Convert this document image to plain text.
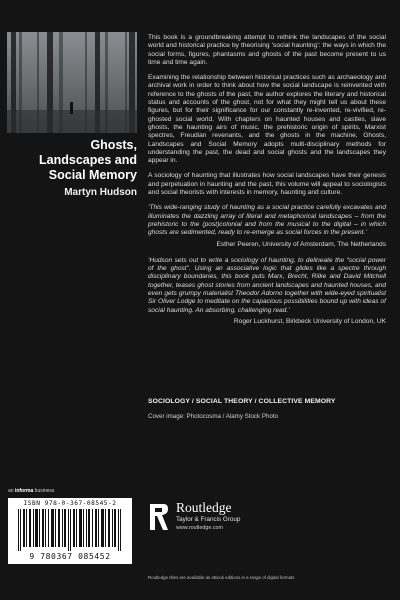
Ghosts,
Landscapes and
Social Memory
Martyn Hudson

This book is a groundbreaking attempt to rethink the landscapes of the social world and historical practice by theorising ‘social haunting’: the ways in which the social forms, figures, phantasms and ghosts of the past become present to us time and time again.

Examining the relationship between historical practices such as archaeology and archival work in order to think about how the social landscape is reinvented with reference to the ghosts of the past, the author explores the literary and historical status and accounts of the ghost, not for what they might tell us about these figures, but for their significance for our constantly re-invented, re-vivified, re-ghosted social world. With chapters on haunted houses and castles, slave ghosts, the haunting airs of music, the prehistoric origin of spirits, Marxist spectres, Freudian revenants, and the ghosts in the machine, Ghosts, Landscapes and Social Memory adopts multi-disciplinary methods for understanding the past, the dead and social ghosts and the landscapes they appear in.

A sociology of haunting that illustrates how social landscapes have their genesis and perpetuation in haunting and the past, this volume will appeal to sociologists and social theorists with interests in memory, haunting and culture.

‘This wide-ranging study of haunting as a social practice carefully excavates and illuminates the dazzling array of literal and metaphorical landscapes – from the prehistoric to the (post)colonial and from the musical to the digital – in which ghosts are sedimented, ready to re-emerge as social forces in the present.’

Esther Peeren, University of Amsterdam, The Netherlands

‘Hudson sets out to write a sociology of haunting, to delineate the “social power of the ghost”. Using an associative logic that glides like a spectre through disciplinary boundaries, this book puts Marx, Brecht, Rilke and David Mitchell together, teases ghost stories from ancient landscapes and haunted houses, and even gets grumpy materialist Theodor Adorno together with wide-eyed spiritualist Sir Oliver Lodge to meditate on the capacious possibilities bound up with ideas of social haunting. An absorbing, challenging read.’

Roger Luckhurst, Birkbeck University of London, UK

SOCIOLOGY / SOCIAL THEORY / COLLECTIVE MEMORY
Cover image: Photocosma / Alamy Stock Photo
an informa business
ISBN 978-0-367-08545-2
9 780367 085452
Routledge
Taylor & Francis Group
www.routledge.com
Routledge titles are available as eBook editions in a range of digital formats
